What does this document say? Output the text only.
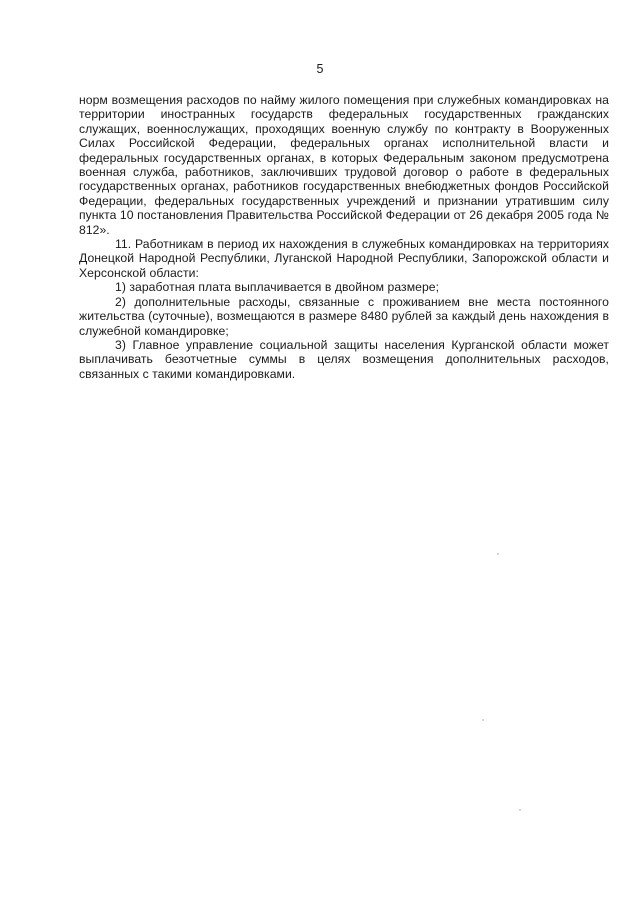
5

норм возмещения расходов по найму жилого помещения при служебных командировках на территории иностранных государств федеральных государственных гражданских служащих, военнослужащих, проходящих военную службу по контракту в Вооруженных Силах Российской Федерации, федеральных органах исполнительной власти и федеральных государственных органах, в которых Федеральным законом предусмотрена военная служба, работников, заключивших трудовой договор о работе в федеральных государственных органах, работников государственных внебюджетных фондов Российской Федерации, федеральных государственных учреждений и признании утратившим силу пункта 10 постановления Правительства Российской Федерации от 26 декабря 2005 года № 812».

11. Работникам в период их нахождения в служебных командировках на территориях Донецкой Народной Республики, Луганской Народной Республики, Запорожской области и Херсонской области:

1) заработная плата выплачивается в двойном размере;

2) дополнительные расходы, связанные с проживанием вне места постоянного жительства (суточные), возмещаются в размере 8480 рублей за каждый день нахождения в служебной командировке;

3) Главное управление социальной защиты населения Курганской области может выплачивать безотчетные суммы в целях возмещения дополнительных расходов, связанных с такими командировками.
